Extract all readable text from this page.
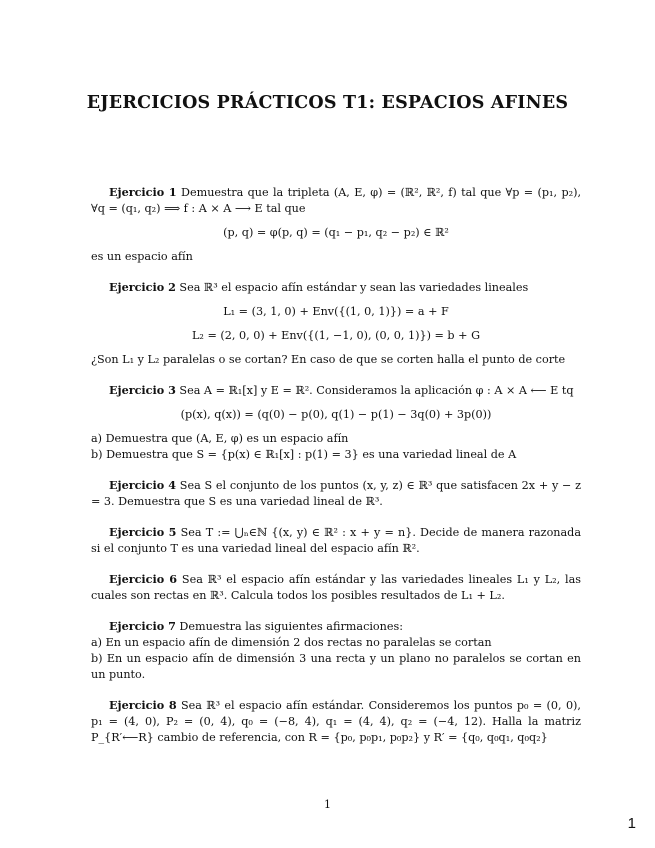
EJERCICIOS PRÁCTICOS T1: ESPACIOS AFINES

Ejercicio 1 Demuestra que la tripleta (A, E, φ) = (ℝ², ℝ², f) tal que ∀p = (p₁, p₂), ∀q = (q₁, q₂) ⟹ f : A × A ⟶ E tal que

(p, q) = φ(p, q) = (q₁ − p₁, q₂ − p₂) ∈ ℝ²

es un espacio afín

Ejercicio 2 Sea ℝ³ el espacio afín estándar y sean las variedades lineales

L₁ = (3, 1, 0) + Env({(1, 0, 1)}) = a + F
L₂ = (2, 0, 0) + Env({(1, −1, 0), (0, 0, 1)}) = b + G

¿Son L₁ y L₂ paralelas o se cortan? En caso de que se corten halla el punto de corte

Ejercicio 3 Sea A = ℝ₁[x] y E = ℝ². Consideramos la aplicación φ : A × A ⟵ E tq

(p(x), q(x)) = (q(0) − p(0), q(1) − p(1) − 3q(0) + 3p(0))

a) Demuestra que (A, E, φ) es un espacio afín

b) Demuestra que S = {p(x) ∈ ℝ₁[x] : p(1) = 3} es una variedad lineal de A

Ejercicio 4 Sea S el conjunto de los puntos (x, y, z) ∈ ℝ³ que satisfacen 2x + y − z = 3. Demuestra que S es una variedad lineal de ℝ³.

Ejercicio 5 Sea T := ⋃ₙ∈ℕ {(x, y) ∈ ℝ² : x + y = n}. Decide de manera razonada si el conjunto T es una variedad lineal del espacio afín ℝ².

Ejercicio 6 Sea ℝ³ el espacio afín estándar y las variedades lineales L₁ y L₂, las cuales son rectas en ℝ³. Calcula todos los posibles resultados de L₁ + L₂.

Ejercicio 7 Demuestra las siguientes afirmaciones:

a) En un espacio afín de dimensión 2 dos rectas no paralelas se cortan

b) En un espacio afín de dimensión 3 una recta y un plano no paralelos se cortan en un punto.

Ejercicio 8 Sea ℝ³ el espacio afín estándar. Consideremos los puntos p₀ = (0, 0), p₁ = (4, 0), P₂ = (0, 4), q₀ = (−8, 4), q₁ = (4, 4), q₂ = (−4, 12). Halla la matriz P_{R′⟵R} cambio de referencia, con R = {p₀, p₀p₁, p₀p₂} y R′ = {q₀, q₀q₁, q₀q₂}

1
1
